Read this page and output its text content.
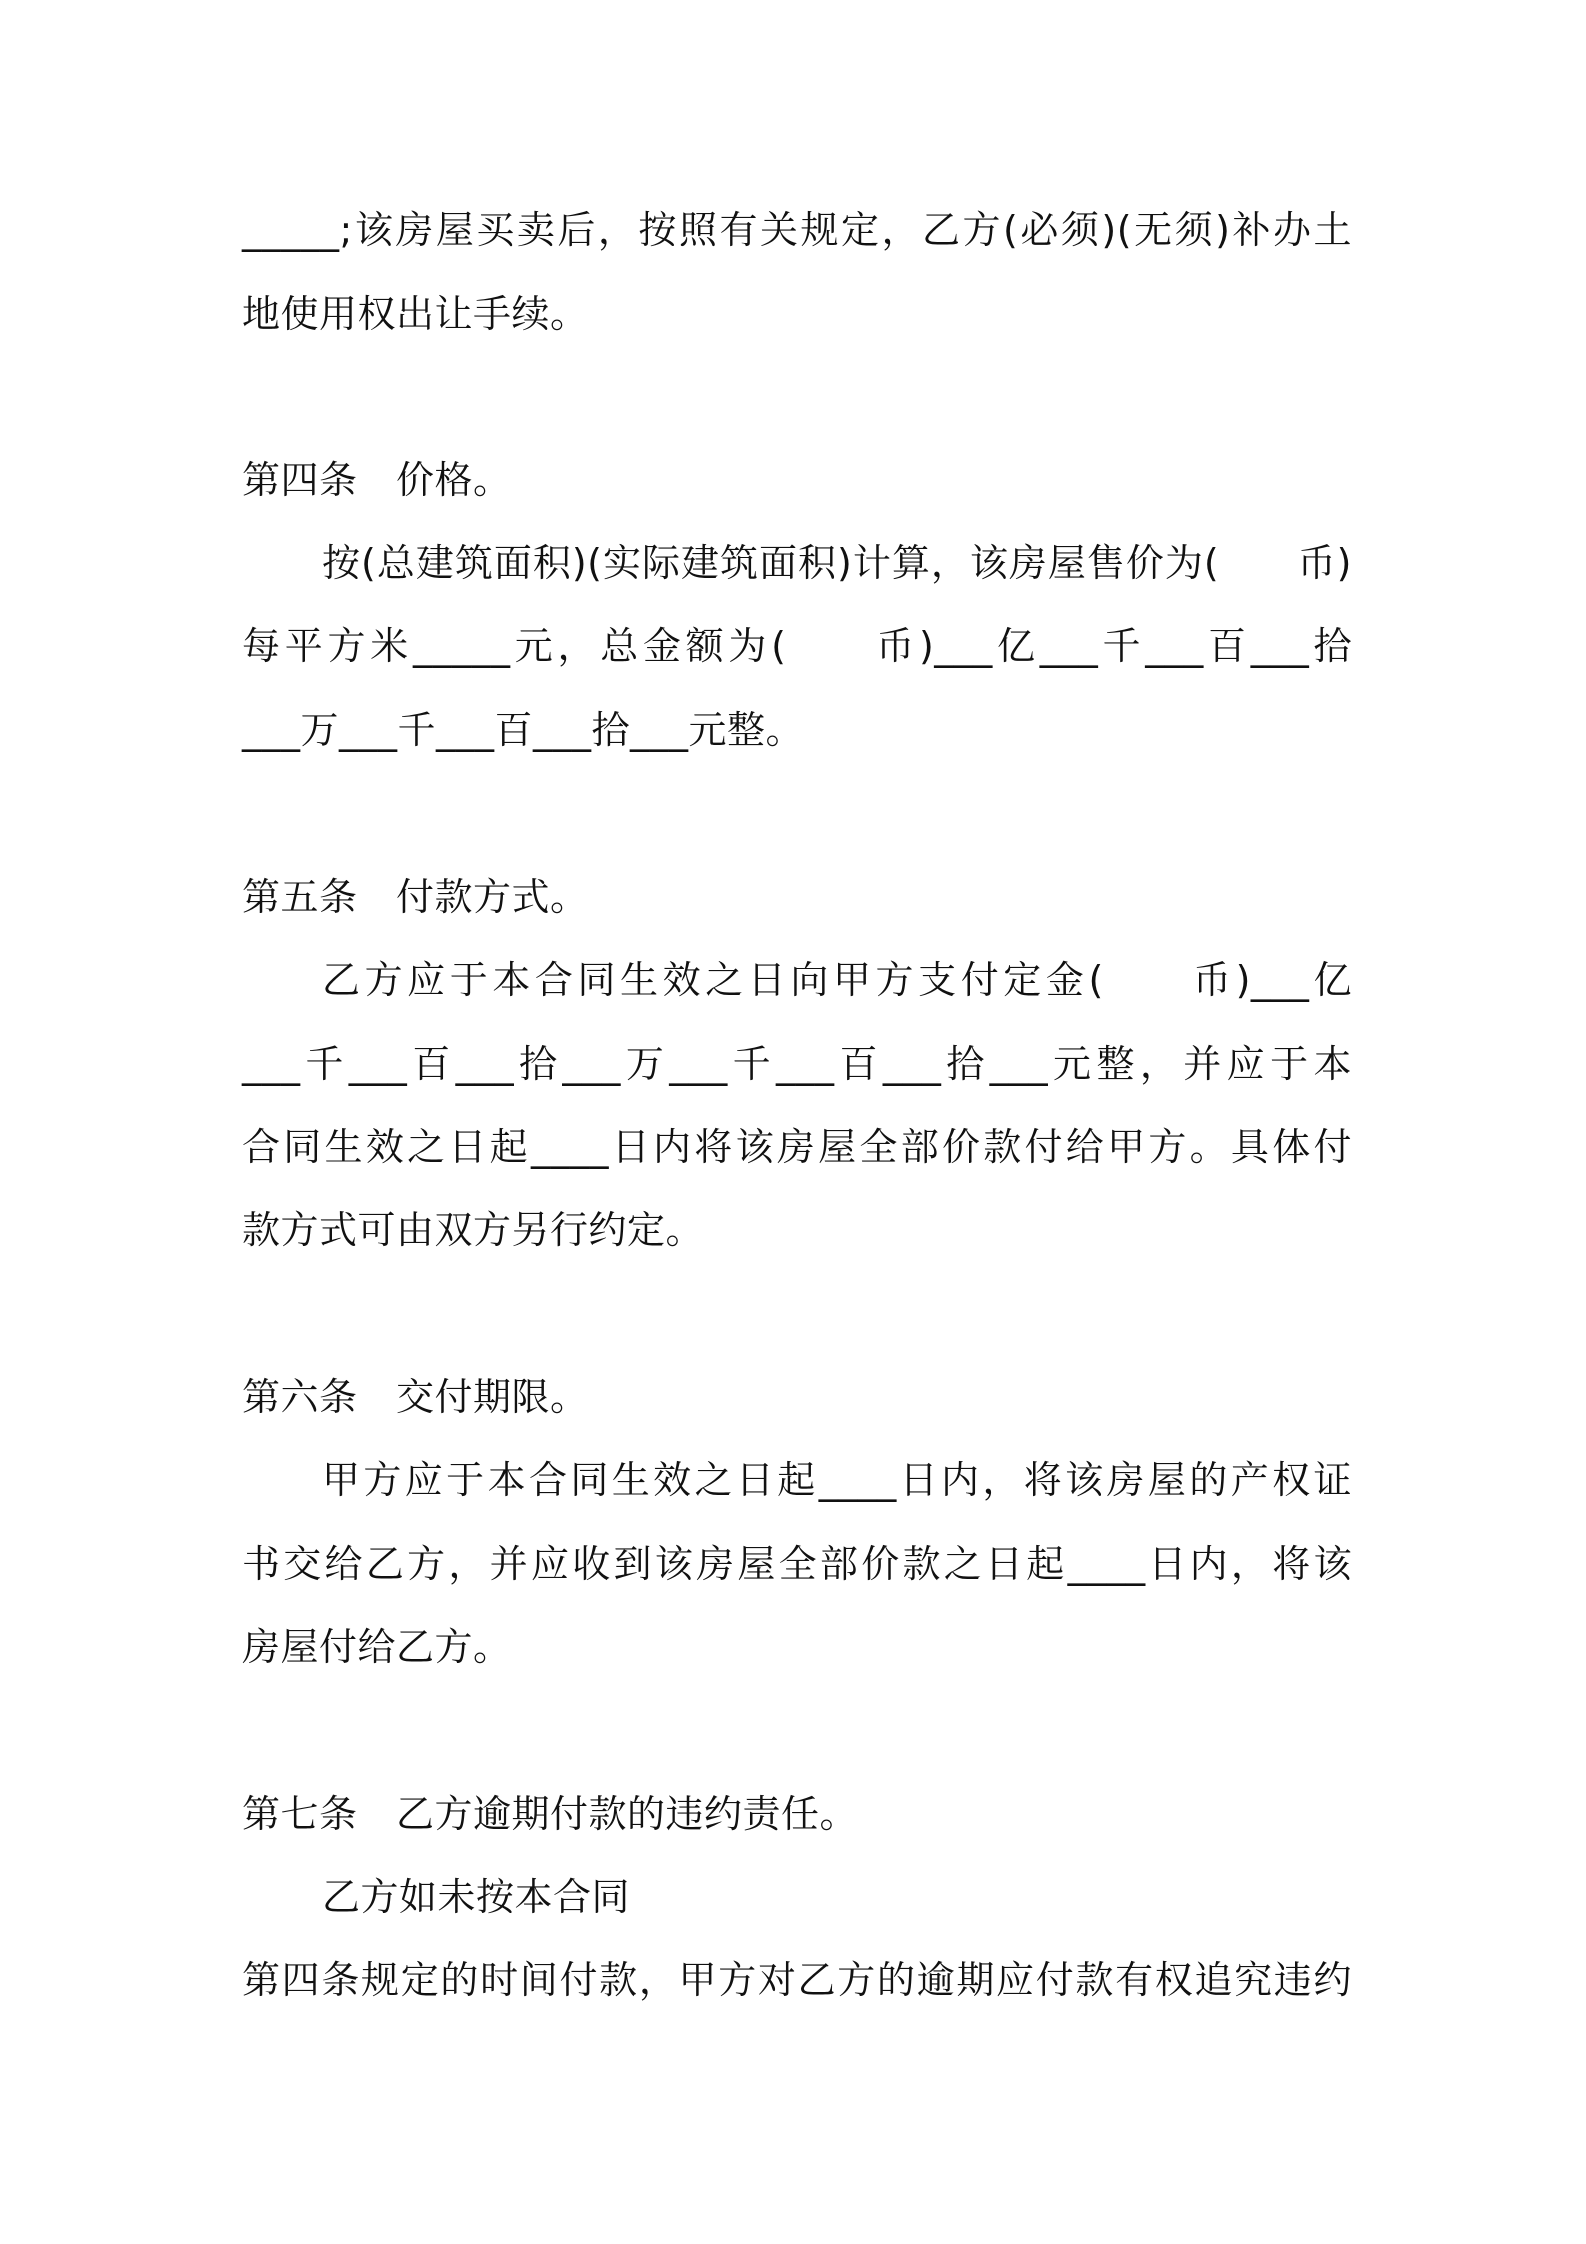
_____;该房屋买卖后，按照有关规定，乙方(必须)(无须)补办土
地使用权出让手续。
第四条　价格。
按(总建筑面积)(实际建筑面积)计算，该房屋售价为(　　币)
每平方米_____元，总金额为(　　币)___亿___千___百___拾
___万___千___百___拾___元整。
第五条　付款方式。
乙方应于本合同生效之日向甲方支付定金(　　币)___亿
___千___百___拾___万___千___百___拾___元整，并应于本
合同生效之日起____日内将该房屋全部价款付给甲方。具体付
款方式可由双方另行约定。
第六条　交付期限。
甲方应于本合同生效之日起____日内，将该房屋的产权证
书交给乙方，并应收到该房屋全部价款之日起____日内，将该
房屋付给乙方。
第七条　乙方逾期付款的违约责任。
乙方如未按本合同
第四条规定的时间付款，甲方对乙方的逾期应付款有权追究违约
